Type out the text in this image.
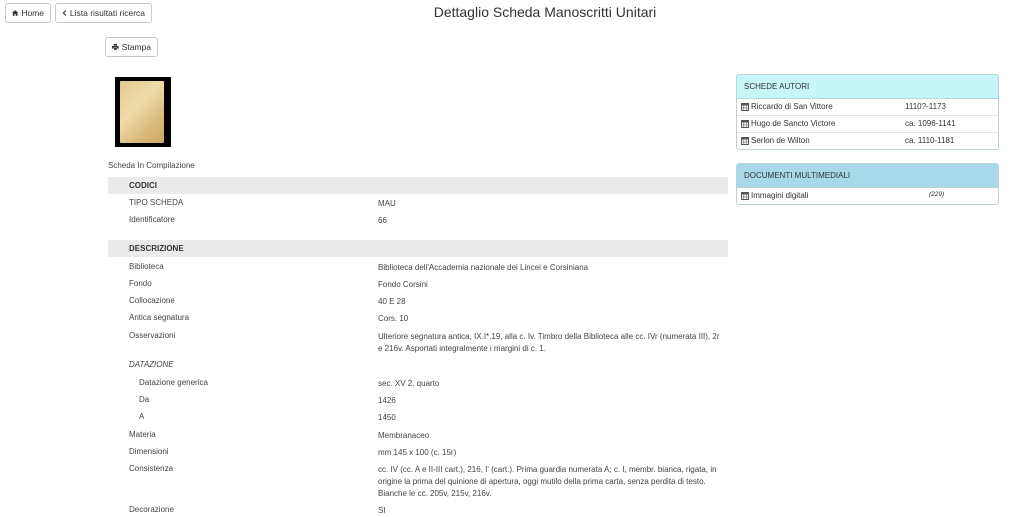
Home	Lista risultati ricerca	Dettaglio Scheda Manoscritti Unitari
Stampa
Scheda In Compilazione
CODICI
TIPO SCHEDA	MAU
Identificatore	66
DESCRIZIONE
Biblioteca	Biblioteca dell'Accademia nazionale dei Lincei e Corsiniana
Fondo	Fondo Corsini
Collocazione	40 E 28
Antica segnatura	Cors. 10
Osservazioni	Ulteriore segnatura antica, IX.I*.19, alla c. Iv. Timbro della Biblioteca alle cc. IVr (numerata III), 2r e 216v. Asportati integralmente i margini di c. 1.
DATAZIONE
Datazione generica	sec. XV 2. quarto
Da	1426
A	1450
Materia	Membranaceo
Dimensioni	mm 145 x 100 (c. 15r)
Consistenza	cc. IV (cc. A e II-III cart.), 216, I' (cart.). Prima guardia numerata A; c. I, membr. bianca, rigata, in origine la prima del quinione di apertura, oggi mutilo della prima carta, senza perdita di testo. Bianche le cc. 205v, 215v, 216v.
Decorazione	SI
SCHEDE AUTORI
Riccardo di San Vittore	1110?-1173
Hugo de Sancto Victore	ca. 1096-1141
Serlon de Wilton	ca. 1110-1181
DOCUMENTI MULTIMEDIALI
Immagini digitali	(229)
